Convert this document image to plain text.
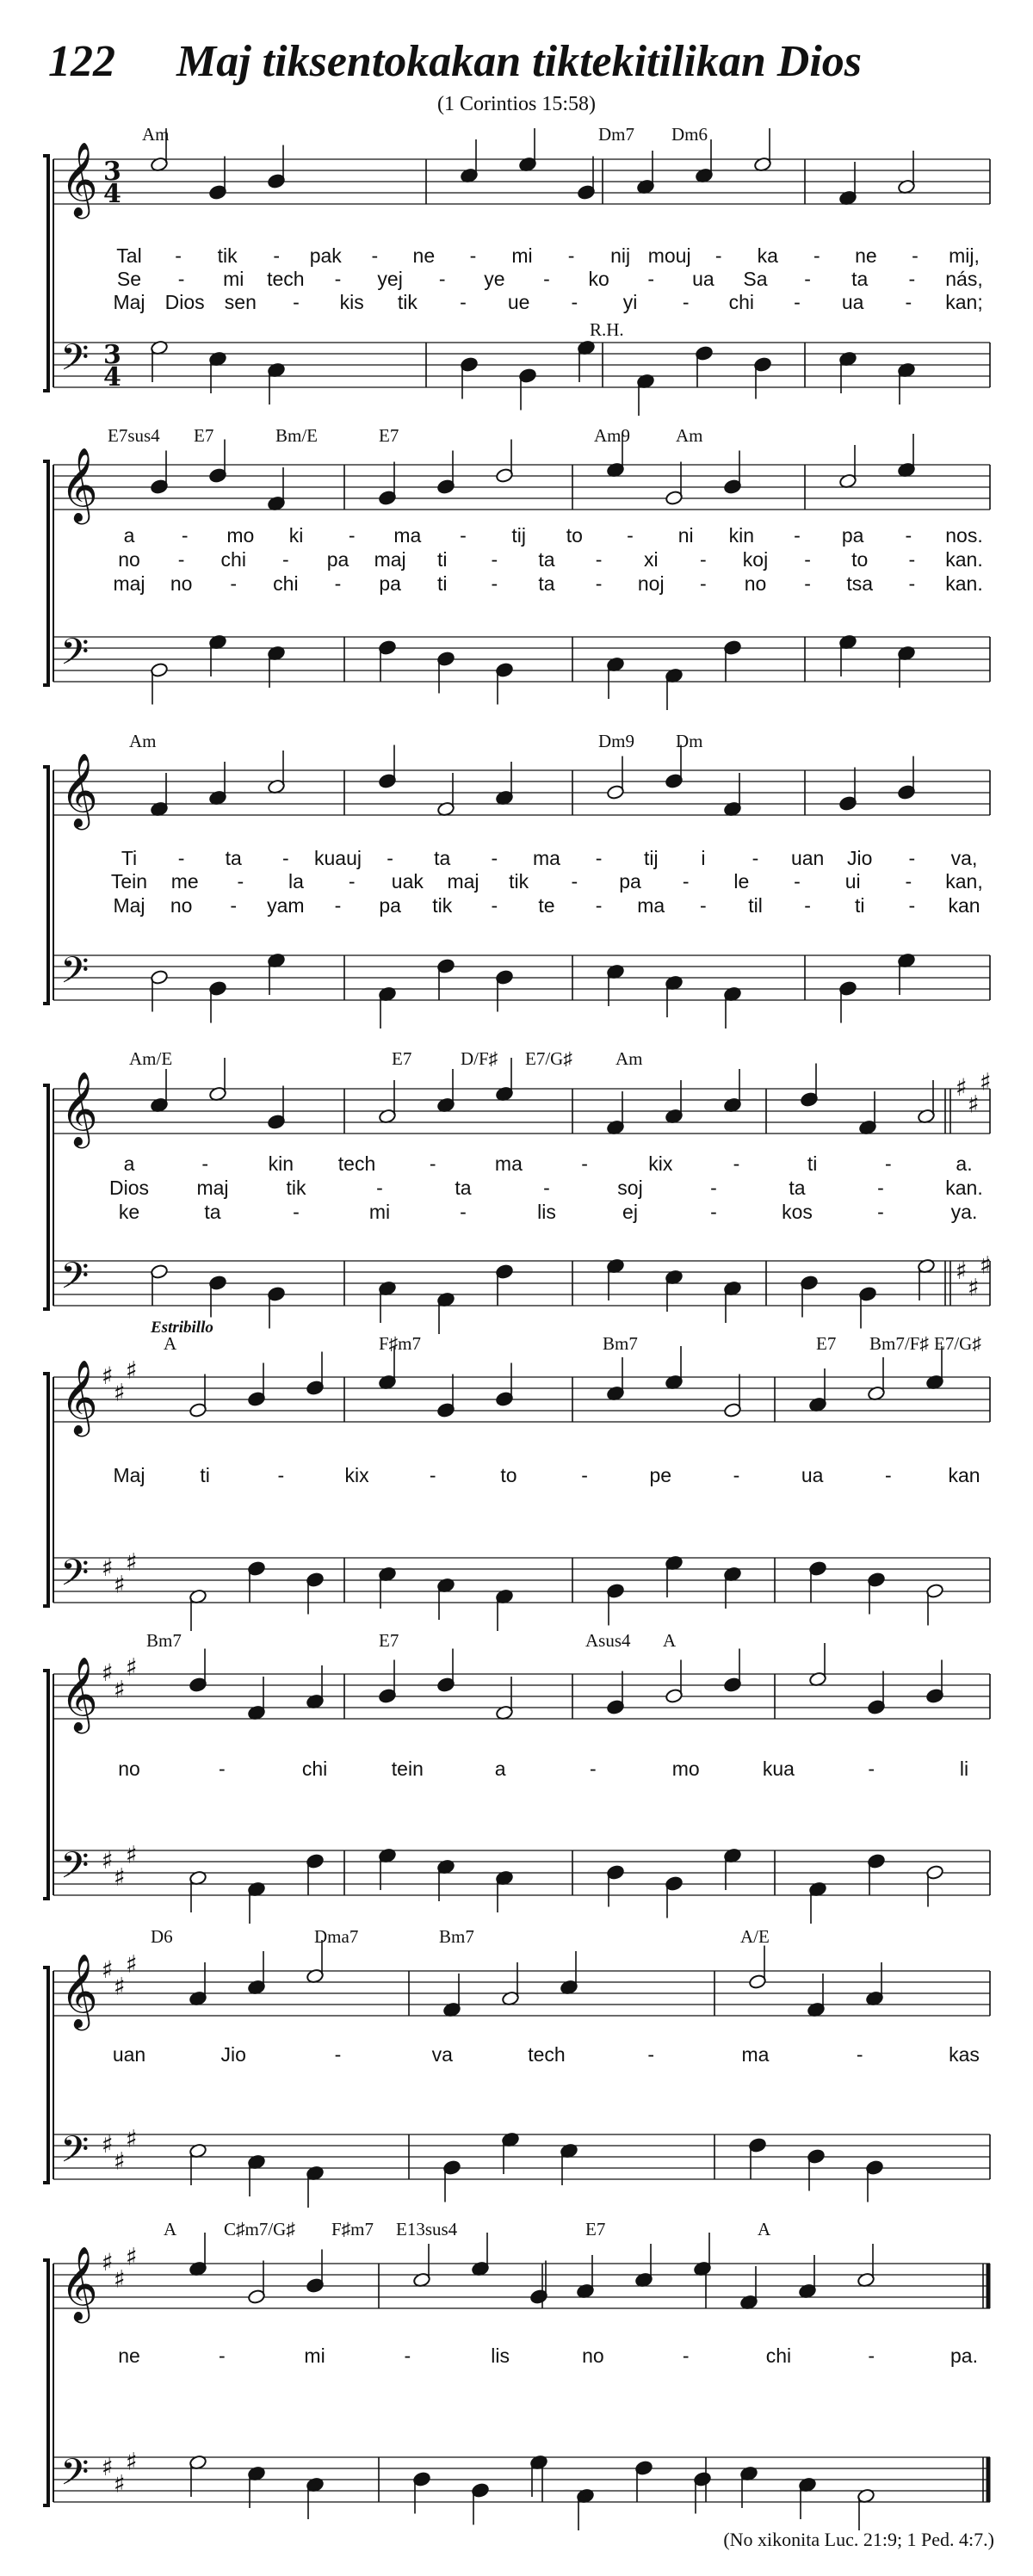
122 Maj tiksentokakan tiktekitilikan Dios
(1 Corintios 15:58)
𝄞
𝄢
3
4
3
4
Am	Dm7 Dm6
R.H.
Tal - tik - pak - ne - mi - nij mouj - ka - ne - mij,
Se - mi tech - yej - ye - ko - ua Sa - ta - nás,
Maj Dios sen - kis tik - ue - yi - chi - ua - kan;
𝄞
𝄢
E7sus4 E7	Bm/E	E7	Am9	Am
a - mo ki - ma - tij to - ni kin - pa - nos.
no - chi - pa maj ti - ta - xi - koj - to - kan.
maj no - chi - pa ti - ta - noj - no - tsa - kan.
𝄞
𝄢
Am	Dm9 Dm
Ti - ta - kuauj - ta - ma - tij i - uan Jio - va,
Tein me - la - uak maj tik - pa - le - ui - kan,
Maj no - yam - pa tik - te - ma - til - ti - kan
♯
♯
♯
♯
♯
♯
𝄞
𝄢
Am/E	E7	D/F♯ E7/G♯ Am
a	-	kin tech	-	ma	-	kix	-	ti	-	a.
Dios maj	tik	-	ta	-	soj	-	ta	-	kan.
ke	ta	-	mi	-	lis	ej	-	kos	-	ya.
𝄞
𝄢
♯
♯
♯
♯
♯
♯
A	F♯m7	Bm7	E7 Bm7/F♯ E7/G♯
Estribillo
Maj	ti	-	kix	-	to	-	pe	-	ua	-	kan
𝄞
𝄢
♯
♯
♯
♯
♯
♯
Bm7	E7	Asus4 A
no	-	chi	tein	a	-	mo	kua	-	li
𝄞
𝄢
♯
♯
♯
♯
♯
♯
D6	Dma7	Bm7	A/E
uan	Jio	-	va	tech	-	ma	-	kas
𝄞
𝄢
♯
♯
♯
♯
♯
♯
A	C♯m7/G♯ F♯m7 E13sus4	E7	A
ne	-	mi	-	lis	no	-	chi	-	pa.
(No xikonita Luc. 21:9; 1 Ped. 4:7.)
